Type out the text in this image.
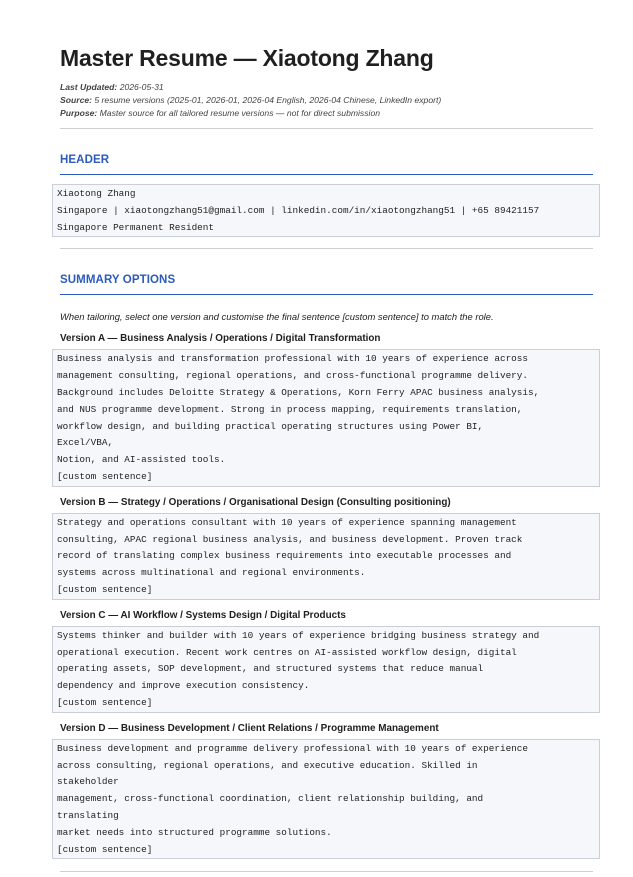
Master Resume — Xiaotong Zhang
Last Updated: 2026-05-31
Source: 5 resume versions (2025-01, 2026-01, 2026-04 English, 2026-04 Chinese, LinkedIn export)
Purpose: Master source for all tailored resume versions — not for direct submission
HEADER
Xiaotong Zhang
Singapore | xiaotongzhang51@gmail.com | linkedin.com/in/xiaotongzhang51 | +65 89421157
Singapore Permanent Resident
SUMMARY OPTIONS
When tailoring, select one version and customise the final sentence [custom sentence] to match the role.
Version A — Business Analysis / Operations / Digital Transformation
Business analysis and transformation professional with 10 years of experience across
management consulting, regional operations, and cross-functional programme delivery.
Background includes Deloitte Strategy & Operations, Korn Ferry APAC business analysis,
and NUS programme development. Strong in process mapping, requirements translation,
workflow design, and building practical operating structures using Power BI,
Excel/VBA,
Notion, and AI-assisted tools.
[custom sentence]
Version B — Strategy / Operations / Organisational Design (Consulting positioning)
Strategy and operations consultant with 10 years of experience spanning management
consulting, APAC regional business analysis, and business development. Proven track
record of translating complex business requirements into executable processes and
systems across multinational and regional environments.
[custom sentence]
Version C — AI Workflow / Systems Design / Digital Products
Systems thinker and builder with 10 years of experience bridging business strategy and
operational execution. Recent work centres on AI-assisted workflow design, digital
operating assets, SOP development, and structured systems that reduce manual
dependency and improve execution consistency.
[custom sentence]
Version D — Business Development / Client Relations / Programme Management
Business development and programme delivery professional with 10 years of experience
across consulting, regional operations, and executive education. Skilled in
stakeholder
management, cross-functional coordination, client relationship building, and
translating
market needs into structured programme solutions.
[custom sentence]
